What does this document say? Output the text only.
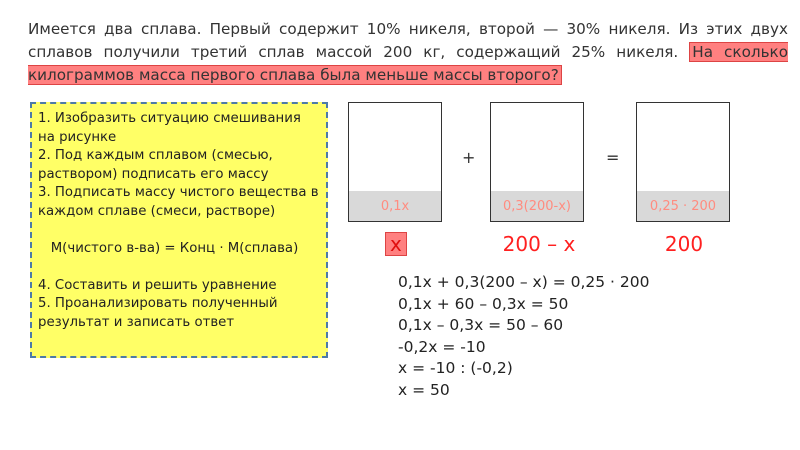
Имеется два сплава. Первый содержит 10% никеля, второй — 30% никеля. Из этих двух сплавов получили третий сплав массой 200 кг, содержащий 25% никеля. На сколько килограммов масса первого сплава была меньше массы второго?
1. Изобразить ситуацию смешивания на рисунке
2. Под каждым сплавом (смесью, раствором) подписать его массу
3. Подписать массу чистого вещества в каждом сплаве (смеси, растворе)

М(чистого в-ва) = Конц · М(сплава)

4. Составить и решить уравнение
5. Проанализировать полученный результат и записать ответ
0,1х
+
0,3(200-х)
=
0,25 · 200
х	200 – х	200
0,1х + 0,3(200 – х) = 0,25 · 200
0,1х + 60 – 0,3х = 50
0,1х – 0,3х = 50 – 60
-0,2х = -10
х = -10 : (-0,2)
х = 50
